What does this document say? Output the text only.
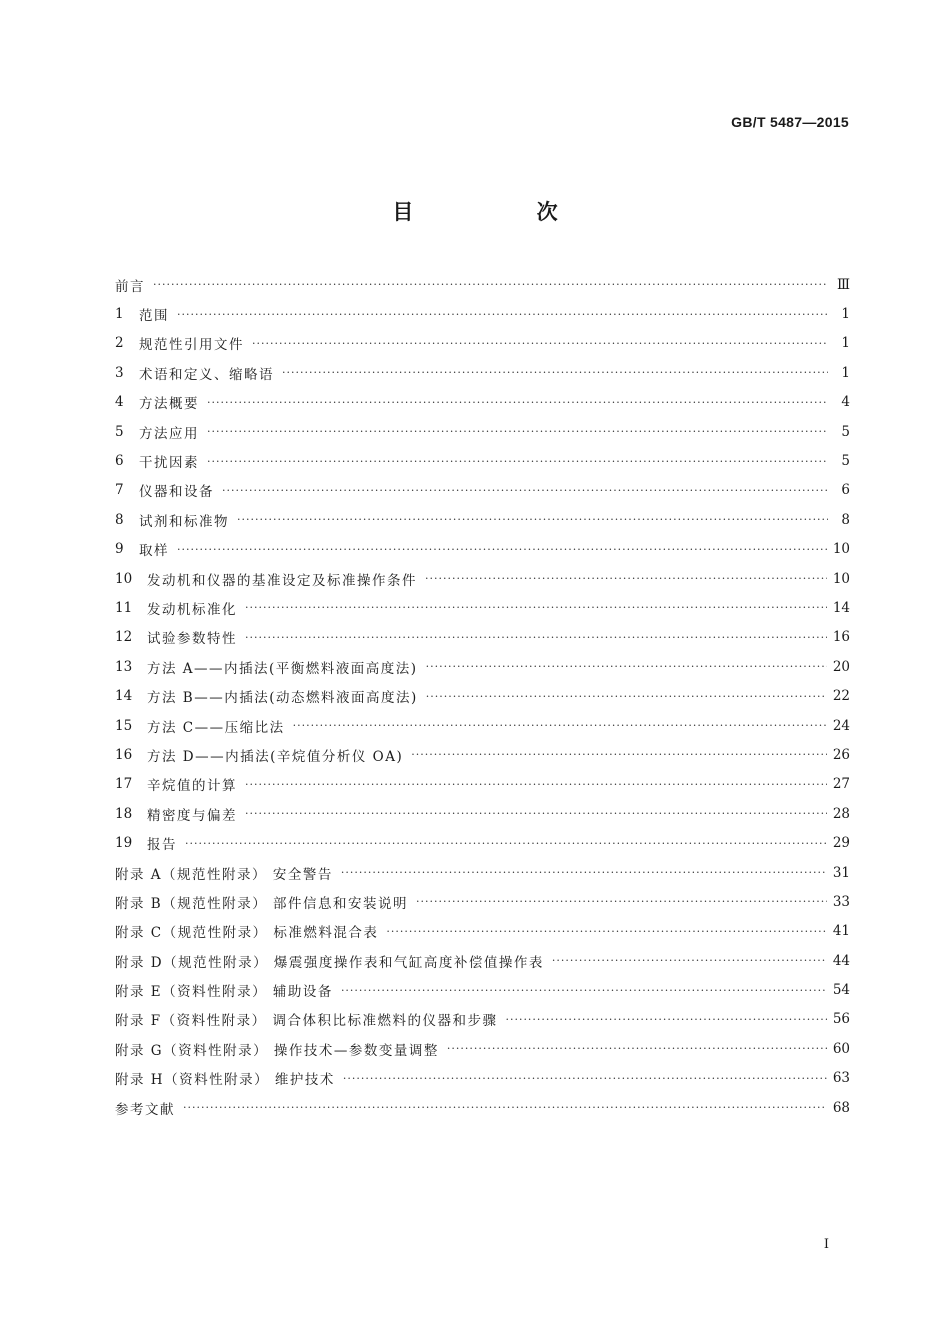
GB/T 5487—2015
目 次
前言 ·····	Ⅲ
1	范围 ·····	1
2	规范性引用文件 ·····	1
3	术语和定义、缩略语 ·····	1
4	方法概要 ·····	4
5	方法应用 ·····	5
6	干扰因素 ·····	5
7	仪器和设备 ·····	6
8	试剂和标准物 ·····	8
9	取样 ·····	10
10	发动机和仪器的基准设定及标准操作条件 ·····	10
11	发动机标准化 ·····	14
12	试验参数特性 ·····	16
13	方法 A——内插法(平衡燃料液面高度法) ·····	20
14	方法 B——内插法(动态燃料液面高度法) ·····	22
15	方法 C——压缩比法 ·····	24
16	方法 D——内插法(辛烷值分析仪 OA) ·····	26
17	辛烷值的计算 ·····	27
18	精密度与偏差 ·····	28
19	报告 ·····	29
附录 A（规范性附录） 安全警告 ·····	31
附录 B（规范性附录） 部件信息和安装说明 ·····	33
附录 C（规范性附录） 标准燃料混合表 ·····	41
附录 D（规范性附录） 爆震强度操作表和气缸高度补偿值操作表 ·····	44
附录 E（资料性附录） 辅助设备 ·····	54
附录 F（资料性附录） 调合体积比标准燃料的仪器和步骤 ·····	56
附录 G（资料性附录） 操作技术—参数变量调整 ·····	60
附录 H（资料性附录） 维护技术 ·····	63
参考文献 ·····	68
Ⅰ
